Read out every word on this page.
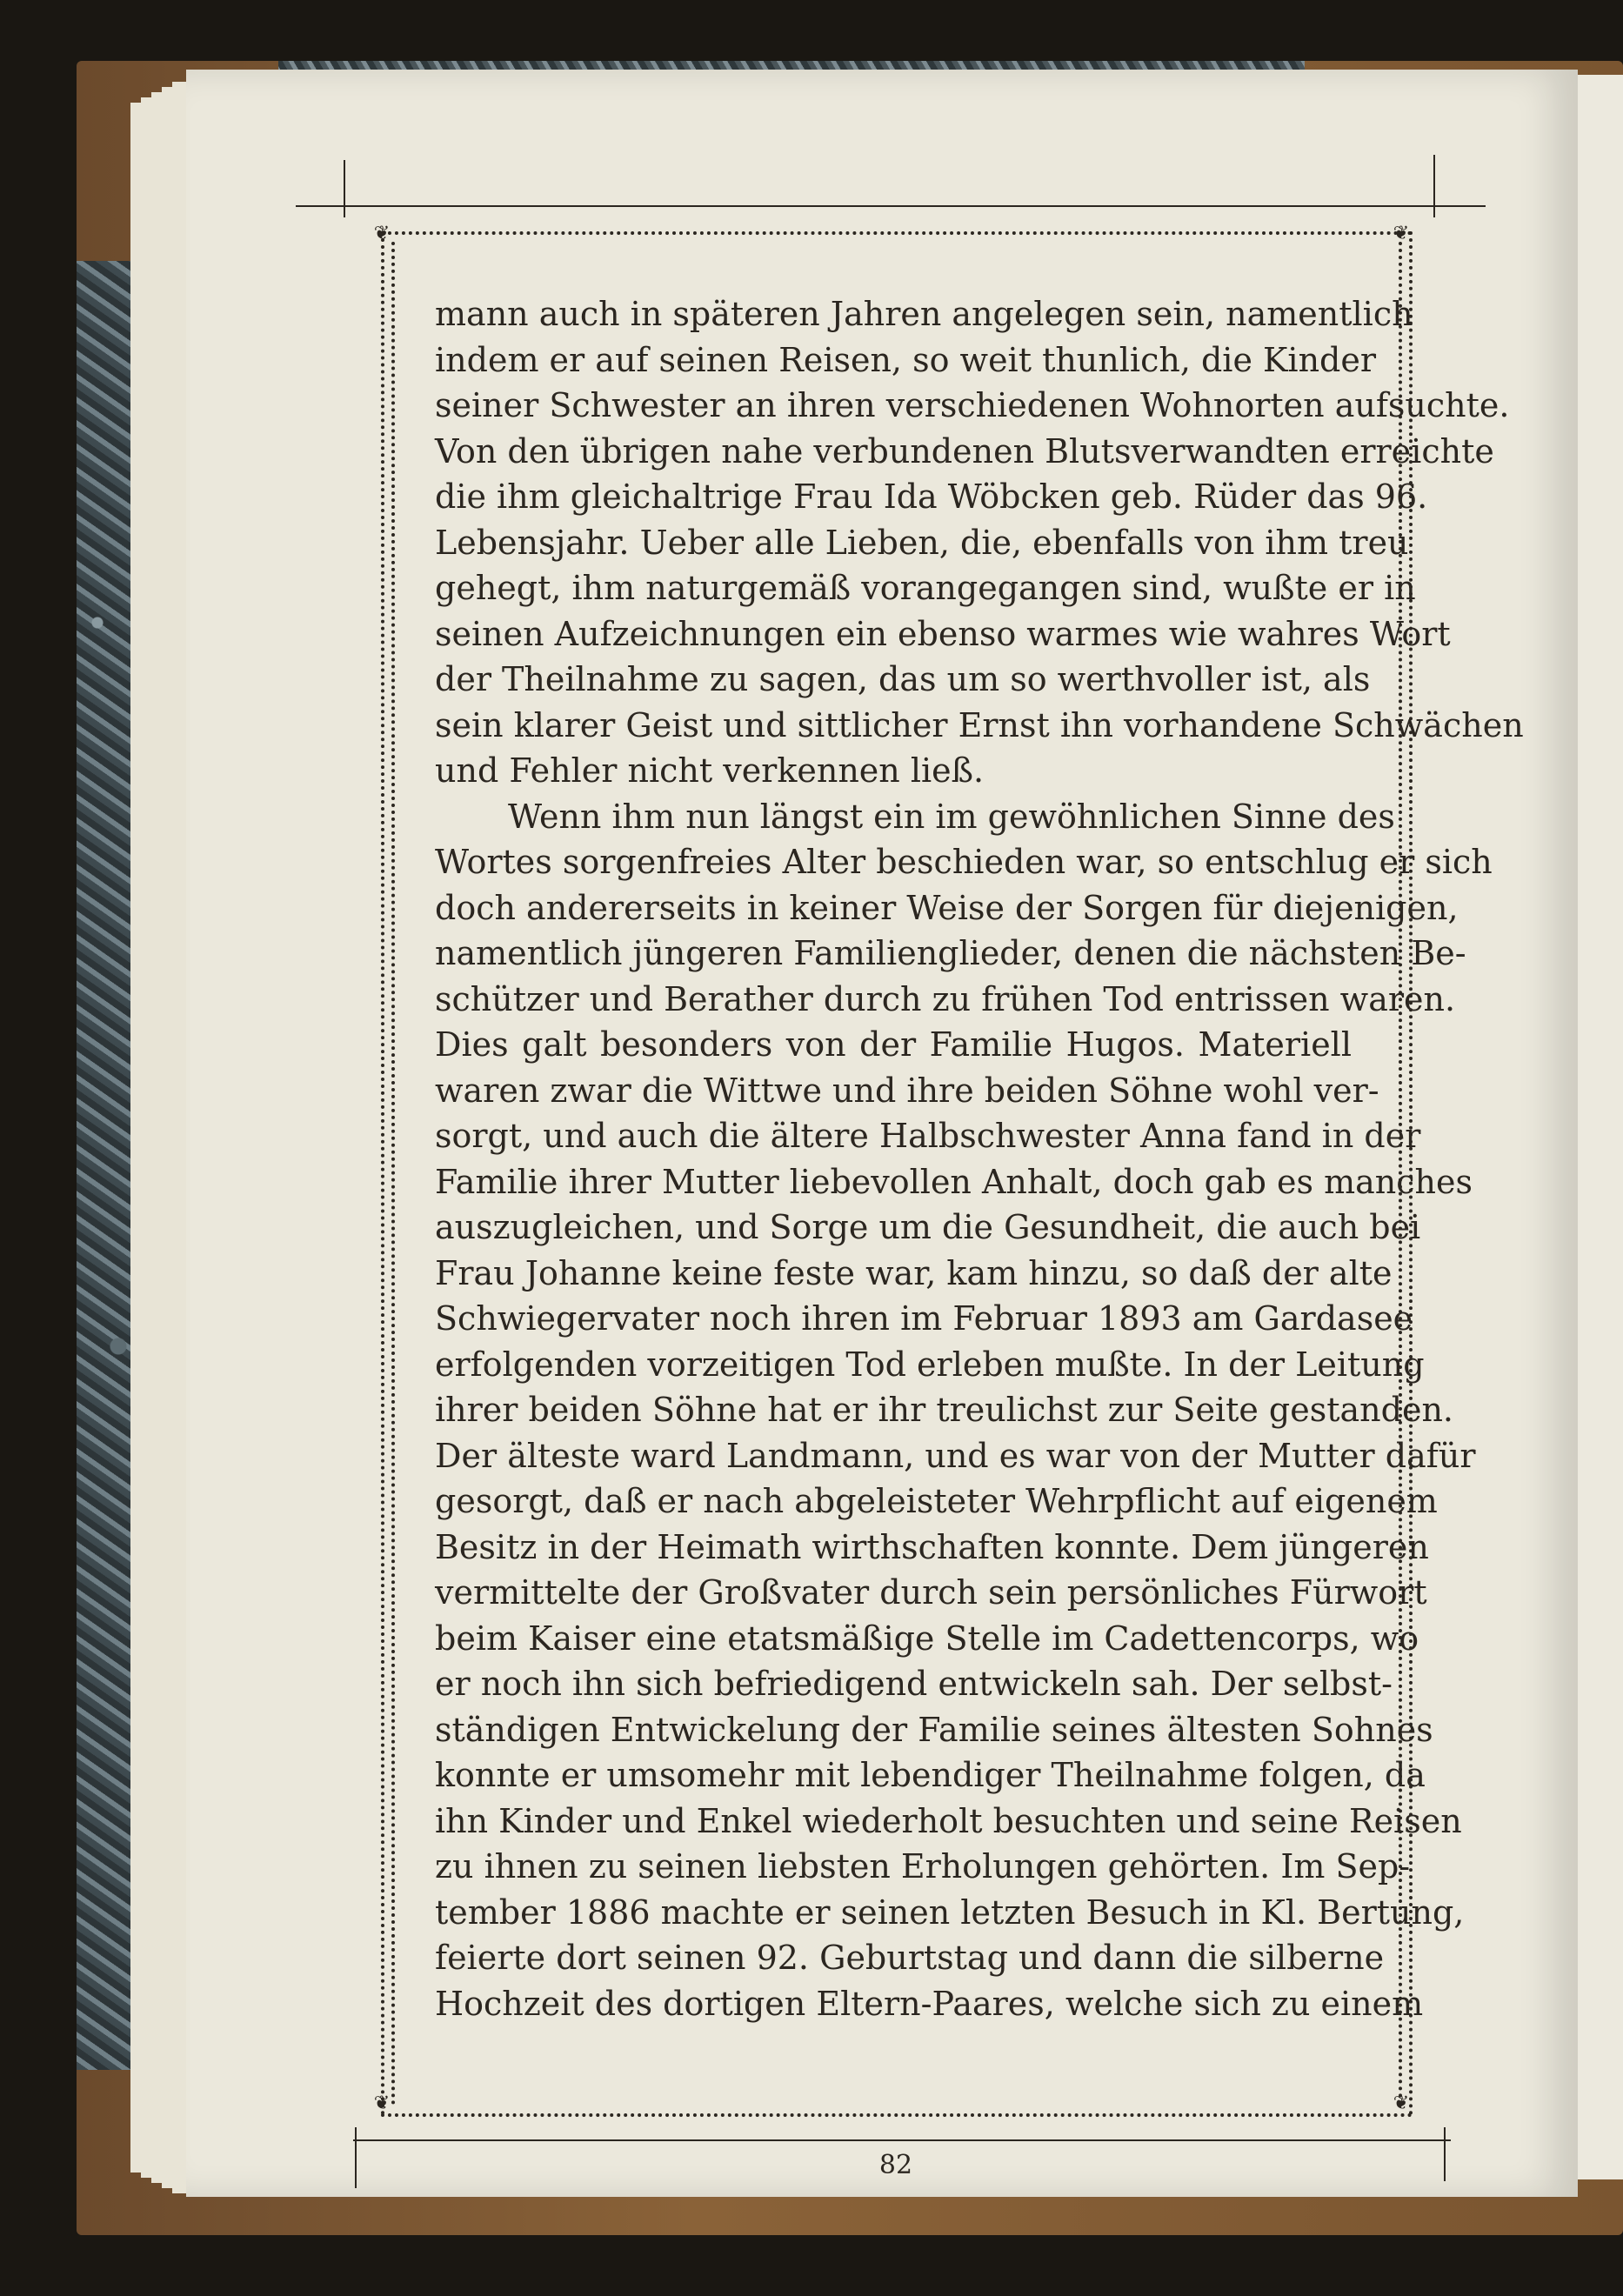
❦	❦
❦	❦
mann auch in späteren Jahren angelegen sein, namentlich
indem er auf seinen Reisen, so weit thunlich, die Kinder
seiner Schwester an ihren verschiedenen Wohnorten aufsuchte.
Von den übrigen nahe verbundenen Blutsverwandten erreichte
die ihm gleichaltrige Frau Ida Wöbcken geb. Rüder das 96.
Lebensjahr. Ueber alle Lieben, die, ebenfalls von ihm treu
gehegt, ihm naturgemäß vorangegangen sind, wußte er in
seinen Aufzeichnungen ein ebenso warmes wie wahres Wort
der Theilnahme zu sagen, das um so werthvoller ist, als
sein klarer Geist und sittlicher Ernst ihn vorhandene Schwächen
und Fehler nicht verkennen ließ.
Wenn ihm nun längst ein im gewöhnlichen Sinne des
Wortes sorgenfreies Alter beschieden war, so entschlug er sich
doch andererseits in keiner Weise der Sorgen für diejenigen,
namentlich jüngeren Familienglieder, denen die nächsten Be-
schützer und Berather durch zu frühen Tod entrissen waren.
Dies galt besonders von der Familie Hugos. Materiell
waren zwar die Wittwe und ihre beiden Söhne wohl ver-
sorgt, und auch die ältere Halbschwester Anna fand in der
Familie ihrer Mutter liebevollen Anhalt, doch gab es manches
auszugleichen, und Sorge um die Gesundheit, die auch bei
Frau Johanne keine feste war, kam hinzu, so daß der alte
Schwiegervater noch ihren im Februar 1893 am Gardasee
erfolgenden vorzeitigen Tod erleben mußte. In der Leitung
ihrer beiden Söhne hat er ihr treulichst zur Seite gestanden.
Der älteste ward Landmann, und es war von der Mutter dafür
gesorgt, daß er nach abgeleisteter Wehrpflicht auf eigenem
Besitz in der Heimath wirthschaften konnte. Dem jüngeren
vermittelte der Großvater durch sein persönliches Fürwort
beim Kaiser eine etatsmäßige Stelle im Cadettencorps, wo
er noch ihn sich befriedigend entwickeln sah. Der selbst-
ständigen Entwickelung der Familie seines ältesten Sohnes
konnte er umsomehr mit lebendiger Theilnahme folgen, da
ihn Kinder und Enkel wiederholt besuchten und seine Reisen
zu ihnen zu seinen liebsten Erholungen gehörten. Im Sep-
tember 1886 machte er seinen letzten Besuch in Kl. Bertung,
feierte dort seinen 92. Geburtstag und dann die silberne
Hochzeit des dortigen Eltern-Paares, welche sich zu einem
82
